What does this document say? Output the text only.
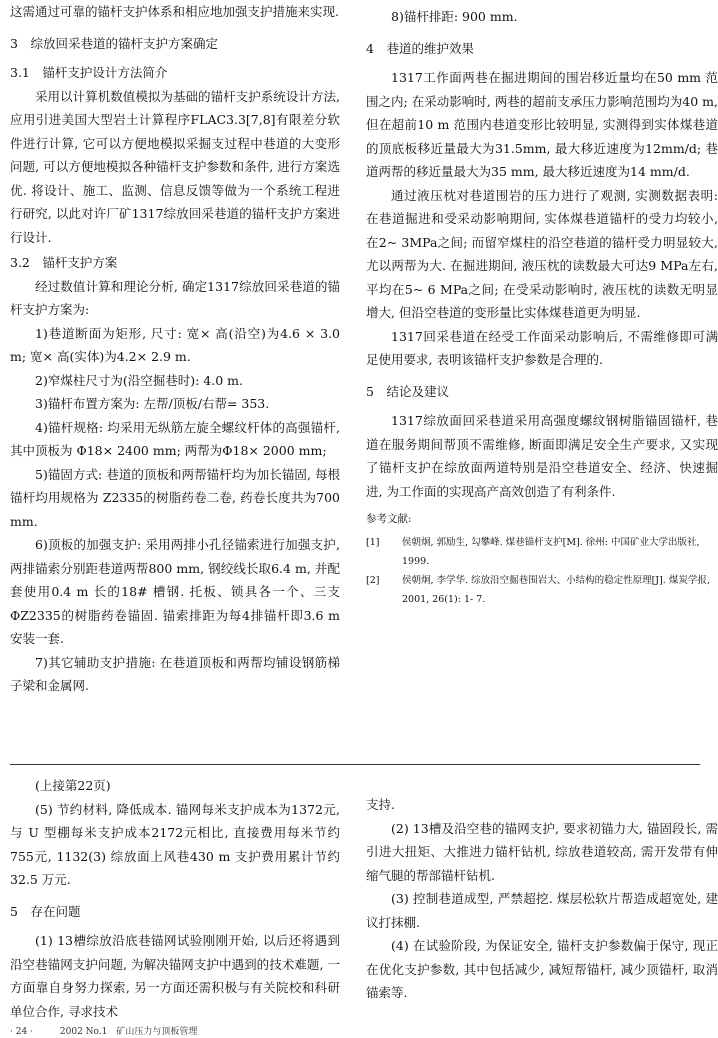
这需通过可靠的锚杆支护体系和相应地加强支护措施来实现.

3　综放回采巷道的锚杆支护方案确定

3.1　锚杆支护设计方法简介

采用以计算机数值模拟为基础的锚杆支护系统设计方法, 应用引进美国大型岩土计算程序FLAC3.3[7,8]有限差分软件进行计算, 它可以方便地模拟采掘支过程中巷道的大变形问题, 可以方便地模拟各种锚杆支护参数和条件, 进行方案选优. 将设计、施工、监测、信息反馈等做为一个系统工程进行研究, 以此对许厂矿1317综放回采巷道的锚杆支护方案进行设计.

3.2　锚杆支护方案

经过数值计算和理论分析, 确定1317综放回采巷道的锚杆支护方案为:

1)巷道断面为矩形, 尺寸: 宽× 高(沿空)为4.6 × 3.0 m; 宽× 高(实体)为4.2× 2.9 m.

2)窄煤柱尺寸为(沿空掘巷时): 4.0 m.

3)锚杆布置方案为: 左帮/顶板/右帮= 353.

4)锚杆规格: 均采用无纵筋左旋全螺纹杆体的高强锚杆, 其中顶板为 Φ18× 2400 mm; 两帮为Φ18× 2000 mm;

5)锚固方式: 巷道的顶板和两帮锚杆均为加长锚固, 每根锚杆均用规格为 Z2335的树脂药卷二卷, 药卷长度共为700 mm.

6)顶板的加强支护: 采用两排小孔径锚索进行加强支护, 两排锚索分别距巷道两帮800 mm, 钢绞线长取6.4 m, 并配套使用0.4 m 长的18# 槽钢. 托板、锁具各一个、三支 ΦZ2335的树脂药卷锚固. 锚索排距为每4排锚杆即3.6 m 安装一套.

7)其它辅助支护措施: 在巷道顶板和两帮均铺设钢筋梯子梁和金属网.

8)锚杆排距: 900 mm.

4　巷道的维护效果

1317工作面两巷在掘进期间的围岩移近量均在50 mm 范围之内; 在采动影响时, 两巷的超前支承压力影响范围均为40 m, 但在超前10 m 范围内巷道变形比较明显, 实测得到实体煤巷道的顶底板移近量最大为31.5mm, 最大移近速度为12mm/d; 巷道两帮的移近量最大为35 mm, 最大移近速度为14 mm/d.

通过液压枕对巷道围岩的压力进行了观测, 实测数据表明: 在巷道掘进和受采动影响期间, 实体煤巷道锚杆的受力均较小, 在2~ 3MPa之间; 而留窄煤柱的沿空巷道的锚杆受力明显较大, 尤以两帮为大. 在掘进期间, 液压枕的读数最大可达9 MPa左右, 平均在5~ 6 MPa之间; 在受采动影响时, 液压枕的读数无明显增大, 但沿空巷道的变形量比实体煤巷道更为明显.

1317回采巷道在经受工作面采动影响后, 不需维修即可满足使用要求, 表明该锚杆支护参数是合理的.

5　结论及建议

1317综放面回采巷道采用高强度螺纹钢树脂锚固锚杆, 巷道在服务期间帮顶不需维修, 断面即满足安全生产要求, 又实现了锚杆支护在综放面两道特别是沿空巷道安全、经济、快速掘进, 为工作面的实现高产高效创造了有利条件.

参考文献:

[1]	侯朝炯, 郭励生, 勾攀峰. 煤巷锚杆支护[M]. 徐州: 中国矿业大学出版社, 1999.
[2]	侯朝炯, 李学华. 综放沿空掘巷围岩大、小结构的稳定性原理[J]. 煤炭学报, 2001, 26(1): 1- 7.

(上接第22页)

(5) 节约材料, 降低成本. 锚网每米支护成本为1372元, 与 U 型棚每米支护成本2172元相比, 直接费用每米节约755元, 1132(3) 综放面上风巷430 m 支护费用累计节约32.5 万元.

5　存在问题

(1) 13槽综放沿底巷锚网试验刚刚开始, 以后还将遇到沿空巷锚网支护问题, 为解决锚网支护中遇到的技术难题, 一方面靠自身努力探索, 另一方面还需积极与有关院校和科研单位合作, 寻求技术

支持.

(2) 13槽及沿空巷的锚网支护, 要求初锚力大, 锚固段长, 需引进大扭矩、大推进力锚杆钻机, 综放巷道较高, 需开发带有伸缩气腿的帮部锚杆钻机.

(3) 控制巷道成型, 严禁超挖. 煤层松软片帮造成超宽处, 建议打抹棚.

(4) 在试验阶段, 为保证安全, 锚杆支护参数偏于保守, 现正在优化支护参数, 其中包括减少, 减短帮锚杆, 减少顶锚杆, 取消锚索等.

· 24 ·　　　2002 No.1　矿山压力与顶板管理
